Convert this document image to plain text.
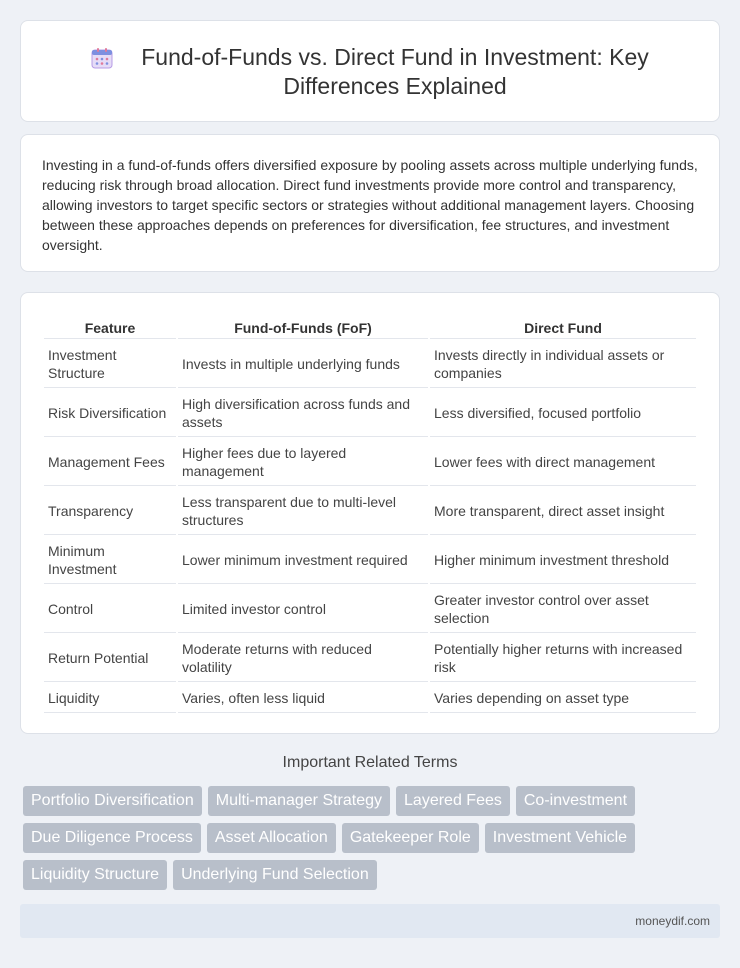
Fund-of-Funds vs. Direct Fund in Investment: Key Differences Explained

Investing in a fund-of-funds offers diversified exposure by pooling assets across multiple underlying funds, reducing risk through broad allocation. Direct fund investments provide more control and transparency, allowing investors to target specific sectors or strategies without additional management layers. Choosing between these approaches depends on preferences for diversification, fee structures, and investment oversight.

Feature	Fund-of-Funds (FoF)	Direct Fund
Investment Structure	Invests in multiple underlying funds	Invests directly in individual assets or companies
Risk Diversification	High diversification across funds and assets	Less diversified, focused portfolio
Management Fees	Higher fees due to layered management	Lower fees with direct management
Transparency	Less transparent due to multi-level structures	More transparent, direct asset insight
Minimum Investment	Lower minimum investment required	Higher minimum investment threshold
Control	Limited investor control	Greater investor control over asset selection
Return Potential	Moderate returns with reduced volatility	Potentially higher returns with increased risk
Liquidity	Varies, often less liquid	Varies depending on asset type
Important Related Terms
Portfolio Diversification	Multi-manager Strategy	Layered Fees	Co-investment
Due Diligence Process	Asset Allocation	Gatekeeper Role	Investment Vehicle
Liquidity Structure	Underlying Fund Selection
moneydif.com
